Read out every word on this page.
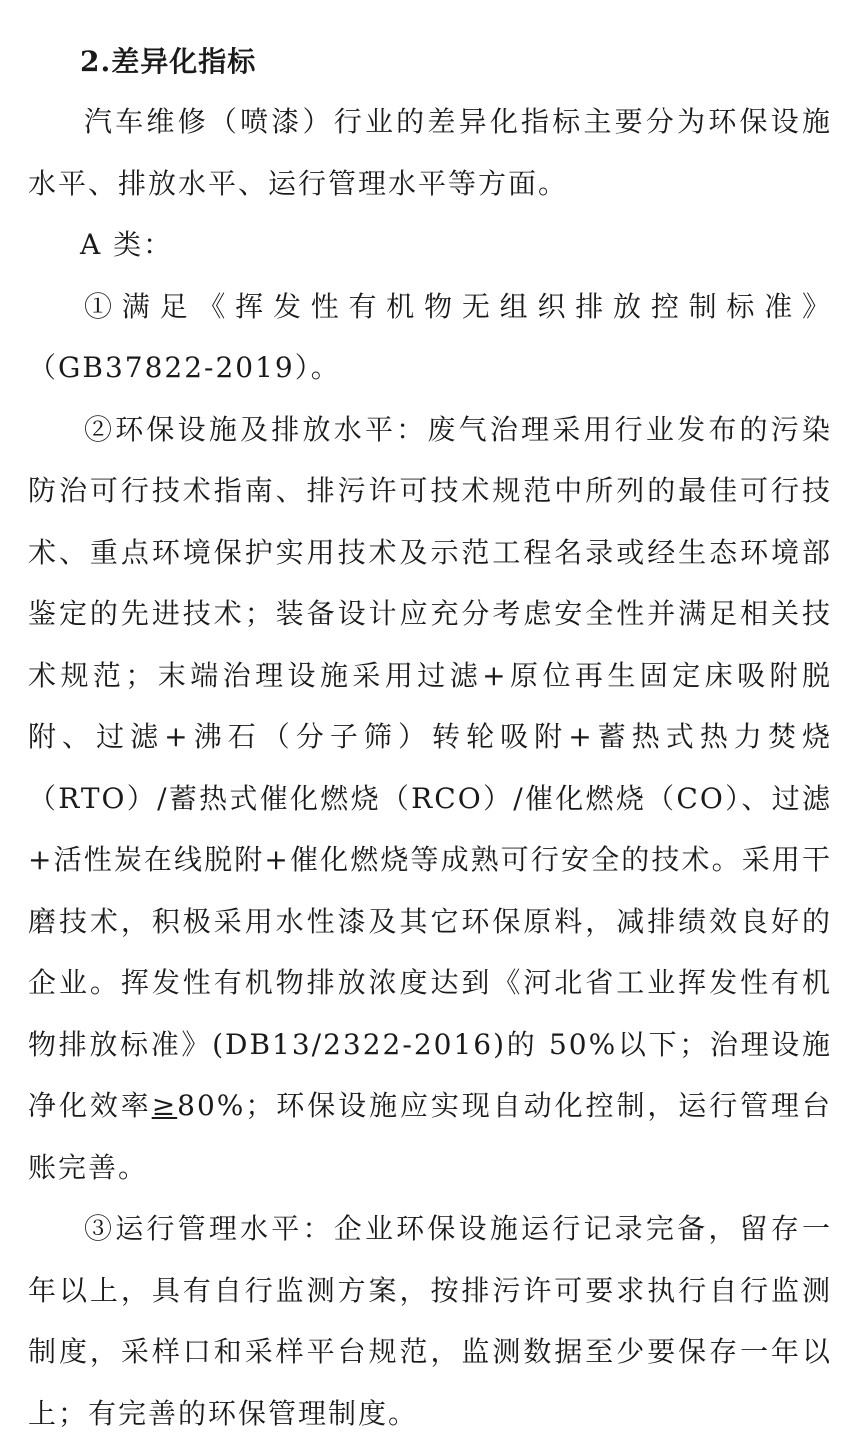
2.差异化指标

汽车维修（喷漆）行业的差异化指标主要分为环保设施水平、排放水平、运行管理水平等方面。

A 类：

①满足《挥发性有机物无组织排放控制标准》（GB37822-2019）。

②环保设施及排放水平：废气治理采用行业发布的污染防治可行技术指南、排污许可技术规范中所列的最佳可行技术、重点环境保护实用技术及示范工程名录或经生态环境部鉴定的先进技术；装备设计应充分考虑安全性并满足相关技术规范；末端治理设施采用过滤+原位再生固定床吸附脱附、过滤+沸石（分子筛）转轮吸附+蓄热式热力焚烧（RTO）/蓄热式催化燃烧（RCO）/催化燃烧（CO）、过滤+活性炭在线脱附+催化燃烧等成熟可行安全的技术。采用干磨技术，积极采用水性漆及其它环保原料，减排绩效良好的企业。挥发性有机物排放浓度达到《河北省工业挥发性有机物排放标准》(DB13/2322-2016)的 50%以下；治理设施净化效率≥80%；环保设施应实现自动化控制，运行管理台账完善。

③运行管理水平：企业环保设施运行记录完备，留存一年以上，具有自行监测方案，按排污许可要求执行自行监测制度，采样口和采样平台规范，监测数据至少要保存一年以上；有完善的环保管理制度。
